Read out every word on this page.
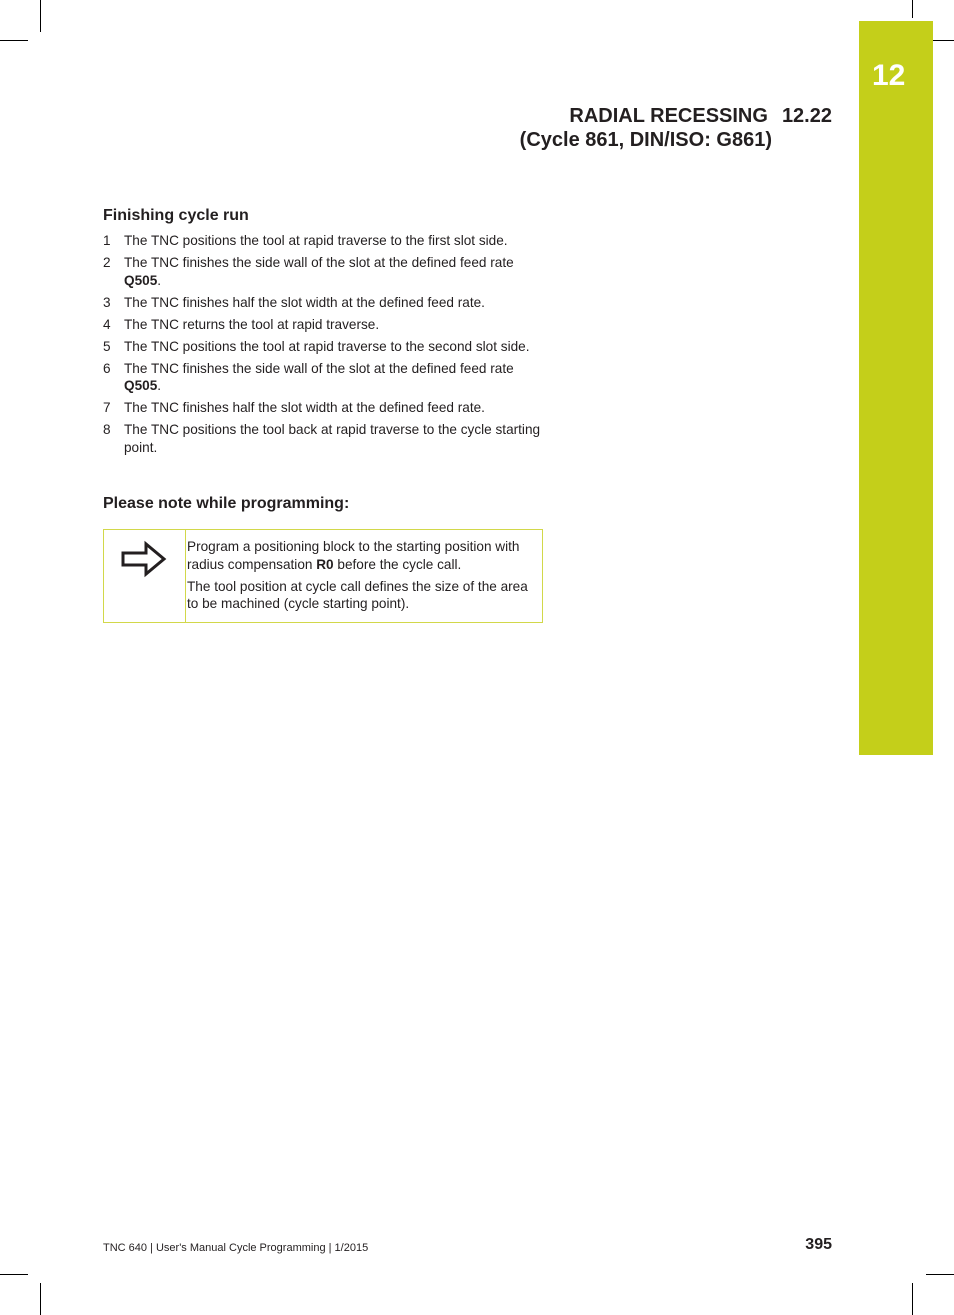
12
RADIAL RECESSING 12.22
(Cycle 861, DIN/ISO: G861)
Finishing cycle run
1 The TNC positions the tool at rapid traverse to the first slot side.
2 The TNC finishes the side wall of the slot at the defined feed rate Q505.
3 The TNC finishes half the slot width at the defined feed rate.
4 The TNC returns the tool at rapid traverse.
5 The TNC positions the tool at rapid traverse to the second slot side.
6 The TNC finishes the side wall of the slot at the defined feed rate Q505.
7 The TNC finishes half the slot width at the defined feed rate.
8 The TNC positions the tool back at rapid traverse to the cycle starting point.
Please note while programming:

Program a positioning block to the starting position with radius compensation R0 before the cycle call.

The tool position at cycle call defines the size of the area to be machined (cycle starting point).

TNC 640 | User's Manual Cycle Programming | 1/2015	395
